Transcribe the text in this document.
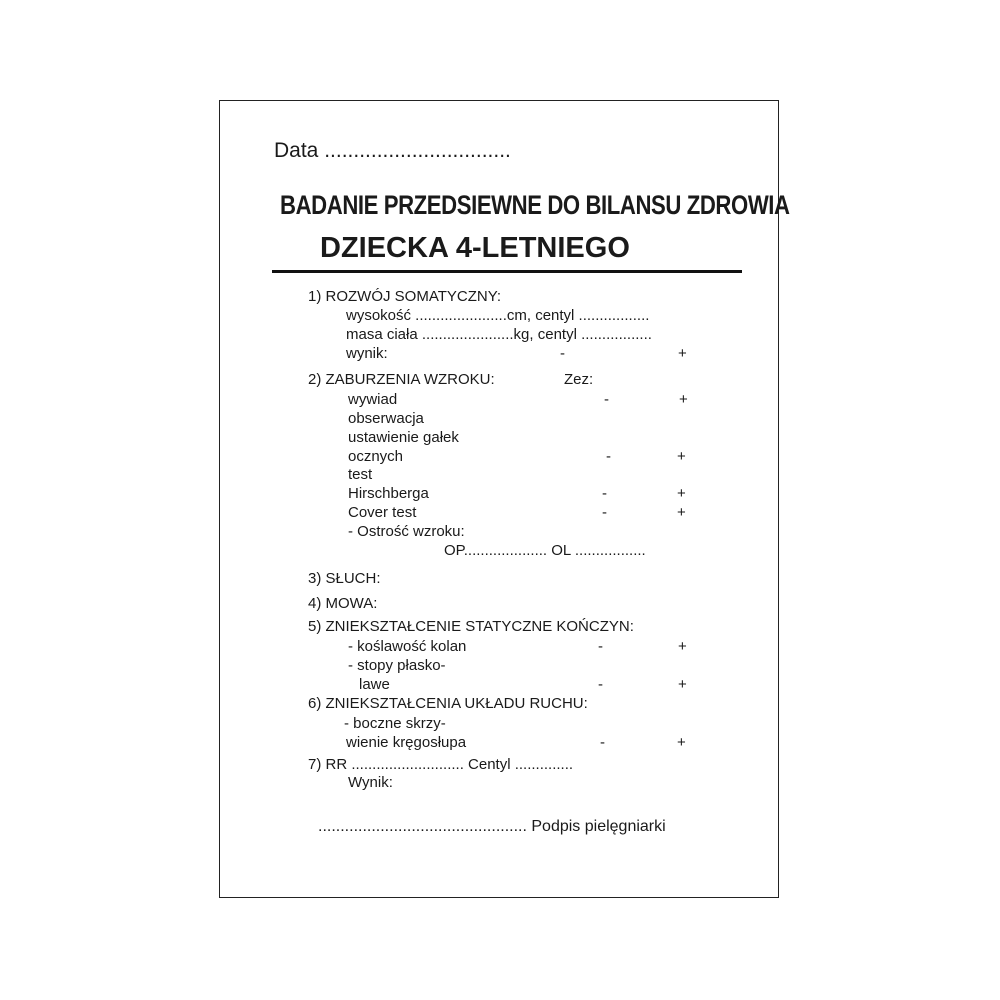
Data ................................
BADANIE PRZEDSIEWNE DO BILANSU ZDROWIA
DZIECKA 4-LETNIEGO
1) ROZWÓJ SOMATYCZNY:
wysokość ......................cm, centyl .................
masa ciała ......................kg, centyl .................
wynik:	-	+
2) ZABURZENIA WZROKU:	Zez:
wywiad	-	+
obserwacja
ustawienie gałek
ocznych	-	+
test
Hirschberga	-	+
Cover test	-	+
- Ostrość wzroku:
OP.................... OL .................
3) SŁUCH:
4) MOWA:
5) ZNIEKSZTAŁCENIE STATYCZNE KOŃCZYN:
- koślawość kolan	-	+
- stopy płasko-
lawe	-	+
6) ZNIEKSZTAŁCENIA UKŁADU RUCHU:
- boczne skrzy-
wienie kręgosłupa	-	+
7) RR ........................... Centyl ..............
Wynik:
............................................... Podpis pielęgniarki
